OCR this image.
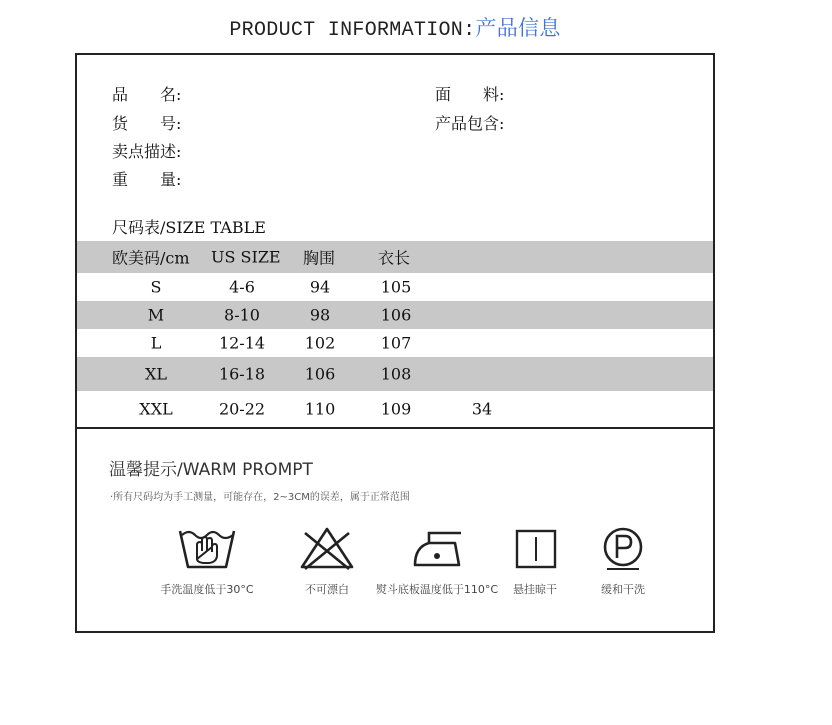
PRODUCT INFORMATION:产品信息
品　　名:
货　　号:
卖点描述:
重　　量:
面　　料:
产品包含:
尺码表/SIZE TABLE
欧美码/cm US SIZE 胸围	衣长
S	4-6	94	105
M	8-10	98	106
L	12-14 102	107
XL	16-18 106	108
XXL	20-22 110	109	34
温馨提示/WARM PROMPT
·所有尺码均为手工测量，可能存在，2~3CM的误差，属于正常范围
手洗温度低于30°C	不可漂白	熨斗底板温度低于110°C	悬挂晾干	缓和干洗
